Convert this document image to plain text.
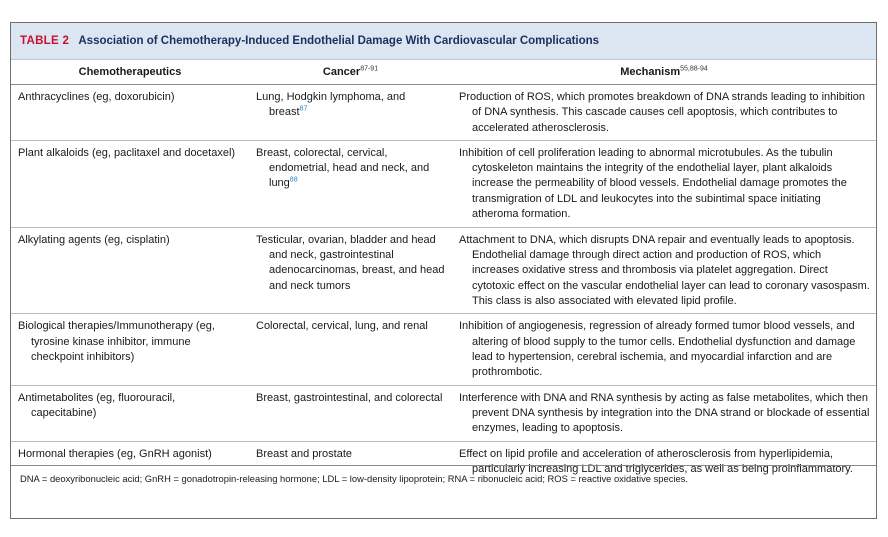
TABLE 2 Association of Chemotherapy-Induced Endothelial Damage With Cardiovascular Complications
Chemotherapeutics	Cancer$^{87-91}$	Mechanism$^{55,88-94}$
Anthracyclines (eg, doxorubicin)	Lung, Hodgkin lymphoma, and breast$^{87}$	Production of ROS, which promotes breakdown of DNA strands leading to inhibition of DNA synthesis. This cascade causes cell apoptosis, which contributes to accelerated atherosclerosis.
Plant alkaloids (eg, paclitaxel and docetaxel)	Breast, colorectal, cervical, endometrial, head and neck, and lung$^{88}$	Inhibition of cell proliferation leading to abnormal microtubules. As the tubulin cytoskeleton maintains the integrity of the endothelial layer, plant alkaloids increase the permeability of blood vessels. Endothelial damage promotes the transmigration of LDL and leukocytes into the subintimal space initiating atheroma formation.
Alkylating agents (eg, cisplatin)	Testicular, ovarian, bladder and head and neck, gastrointestinal adenocarcinomas, breast, and head and neck tumors	Attachment to DNA, which disrupts DNA repair and eventually leads to apoptosis. Endothelial damage through direct action and production of ROS, which increases oxidative stress and thrombosis via platelet aggregation. Direct cytotoxic effect on the vascular endothelial layer can lead to coronary vasospasm. This class is also associated with elevated lipid profile.
Biological therapies/Immunotherapy (eg, tyrosine kinase inhibitor, immune checkpoint inhibitors)	Colorectal, cervical, lung, and renal	Inhibition of angiogenesis, regression of already formed tumor blood vessels, and altering of blood supply to the tumor cells. Endothelial dysfunction and damage lead to hypertension, cerebral ischemia, and myocardial infarction and are prothrombotic.
Antimetabolites (eg, fluorouracil, capecitabine)	Breast, gastrointestinal, and colorectal	Interference with DNA and RNA synthesis by acting as false metabolites, which then prevent DNA synthesis by integration into the DNA strand or blockade of essential enzymes, leading to apoptosis.
Hormonal therapies (eg, GnRH agonist)	Breast and prostate	Effect on lipid profile and acceleration of atherosclerosis from hyperlipidemia, particularly increasing LDL and triglycerides, as well as being proinflammatory.
DNA = deoxyribonucleic acid; GnRH = gonadotropin-releasing hormone; LDL = low-density lipoprotein; RNA = ribonucleic acid; ROS = reactive oxidative species.
